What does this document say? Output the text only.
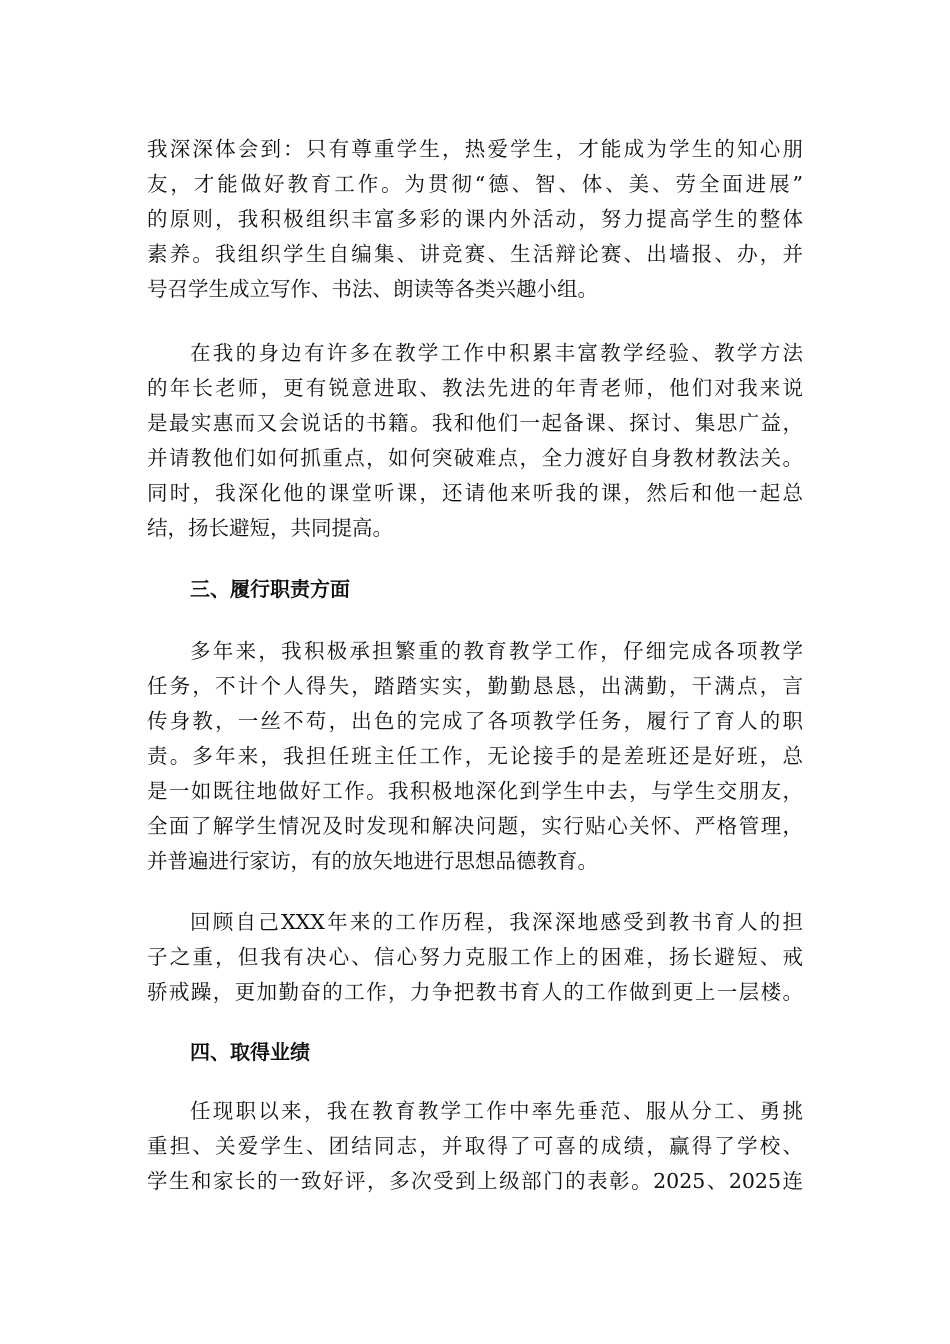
我深深体会到：只有尊重学生，热爱学生，才能成为学生的知心朋
友，才能做好教育工作。为贯彻“德、智、体、美、劳全面进展”
的原则，我积极组织丰富多彩的课内外活动，努力提高学生的整体
素养。我组织学生自编集、讲竞赛、生活辩论赛、出墙报、办，并
号召学生成立写作、书法、朗读等各类兴趣小组。
在我的身边有许多在教学工作中积累丰富教学经验、教学方法
的年长老师，更有锐意进取、教法先进的年青老师，他们对我来说
是最实惠而又会说话的书籍。我和他们一起备课、探讨、集思广益，
并请教他们如何抓重点，如何突破难点，全力渡好自身教材教法关。
同时，我深化他的课堂听课，还请他来听我的课，然后和他一起总
结，扬长避短，共同提高。
三、履行职责方面
多年来，我积极承担繁重的教育教学工作，仔细完成各项教学
任务，不计个人得失，踏踏实实，勤勤恳恳，出满勤，干满点，言
传身教，一丝不苟，出色的完成了各项教学任务，履行了育人的职
责。多年来，我担任班主任工作，无论接手的是差班还是好班，总
是一如既往地做好工作。我积极地深化到学生中去，与学生交朋友，
全面了解学生情况及时发现和解决问题，实行贴心关怀、严格管理，
并普遍进行家访，有的放矢地进行思想品德教育。
回顾自己XXX年来的工作历程，我深深地感受到教书育人的担
子之重，但我有决心、信心努力克服工作上的困难，扬长避短、戒
骄戒躁，更加勤奋的工作，力争把教书育人的工作做到更上一层楼。
四、取得业绩
任现职以来，我在教育教学工作中率先垂范、服从分工、勇挑
重担、关爱学生、团结同志，并取得了可喜的成绩，赢得了学校、
学生和家长的一致好评，多次受到上级部门的表彰。2025、2025连
